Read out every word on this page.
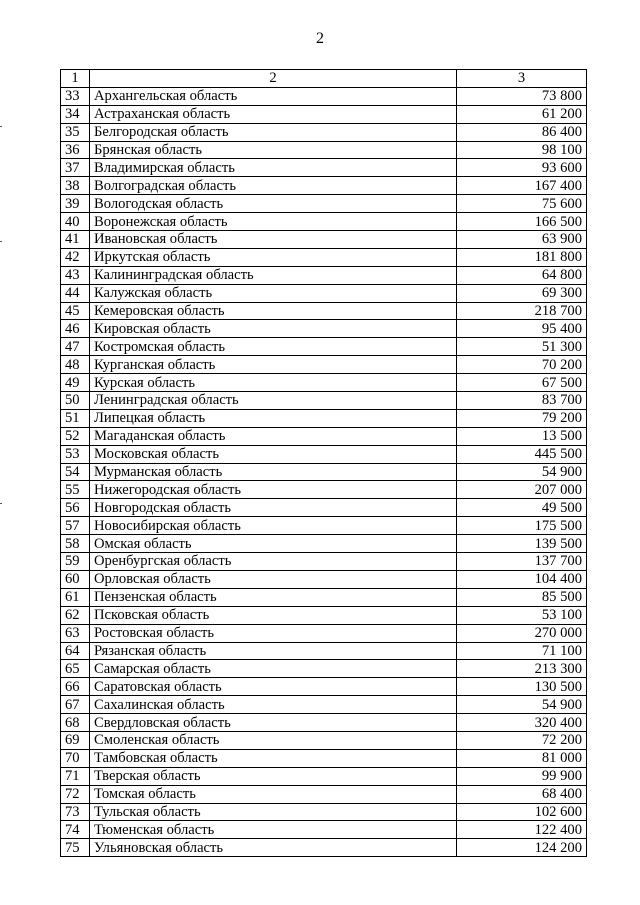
2
1	2	3
33	Архангельская область	73 800
34	Астраханская область	61 200
35	Белгородская область	86 400
36	Брянская область	98 100
37	Владимирская область	93 600
38	Волгоградская область	167 400
39	Вологодская область	75 600
40	Воронежская область	166 500
41	Ивановская область	63 900
42	Иркутская область	181 800
43	Калининградская область	64 800
44	Калужская область	69 300
45	Кемеровская область	218 700
46	Кировская область	95 400
47	Костромская область	51 300
48	Курганская область	70 200
49	Курская область	67 500
50	Ленинградская область	83 700
51	Липецкая область	79 200
52	Магаданская область	13 500
53	Московская область	445 500
54	Мурманская область	54 900
55	Нижегородская область	207 000
56	Новгородская область	49 500
57	Новосибирская область	175 500
58	Омская область	139 500
59	Оренбургская область	137 700
60	Орловская область	104 400
61	Пензенская область	85 500
62	Псковская область	53 100
63	Ростовская область	270 000
64	Рязанская область	71 100
65	Самарская область	213 300
66	Саратовская область	130 500
67	Сахалинская область	54 900
68	Свердловская область	320 400
69	Смоленская область	72 200
70	Тамбовская область	81 000
71	Тверская область	99 900
72	Томская область	68 400
73	Тульская область	102 600
74	Тюменская область	122 400
75	Ульяновская область	124 200
